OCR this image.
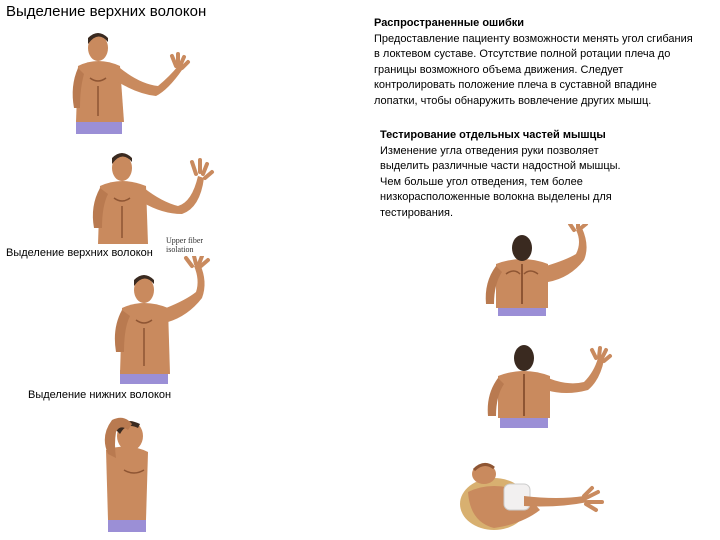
Выделение верхних волокон
Распространенные ошибки
Предоставление пациенту возможности менять угол сгибания в локтевом суставе. Отсутствие полной ротации плеча до границы возможного объема движения. Следует контролировать положение плеча в суставной впадине лопатки, чтобы обнаружить вовлечение других мышц.
Тестирование отдельных частей мышцы
Изменение угла отведения руки позволяет выделить различные части надостной мышцы. Чем больше угол отведения, тем более низкорасположенные волокна выделены для тестирования.
Upper fiber isolation
Выделение верхних волокон
Выделение нижних волокон
